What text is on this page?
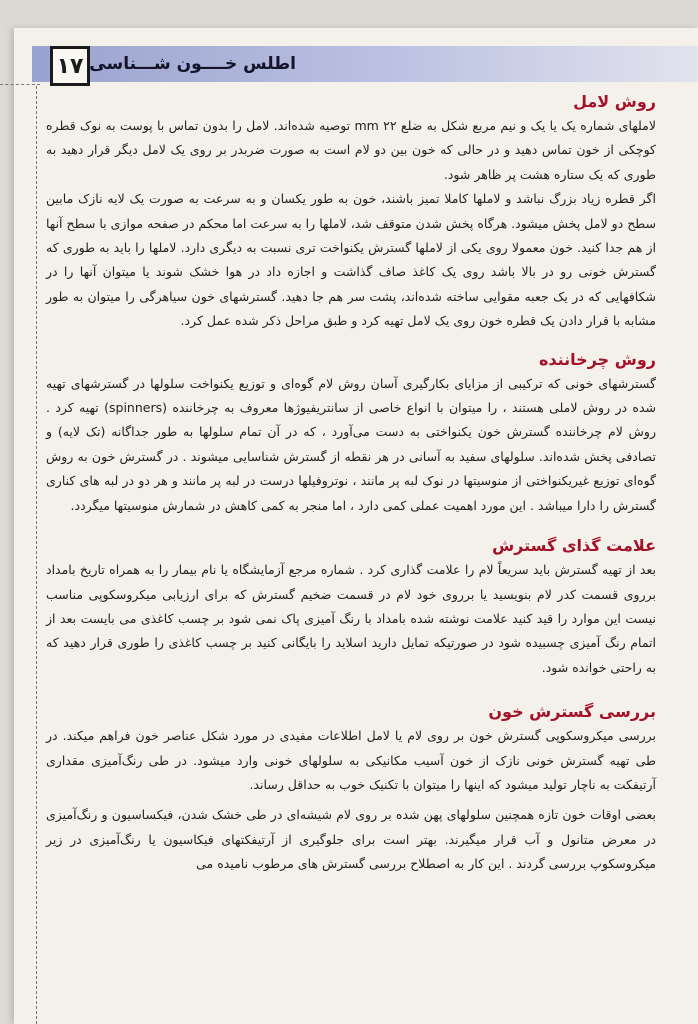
۱۷ اطلس خــــون شـــناسی
روش لامل

لاملهای شماره یک یا یک و نیم مربع شکل به ضلع ۲۲ mm توصیه شده‌اند. لامل را بدون تماس با پوست به نوک قطره کوچکی از خون تماس دهید و در حالی که خون بین دو لام است به صورت ضربدر بر روی یک لامل دیگر قرار دهید به طوری که یک ستاره هشت پر ظاهر شود.

اگر قطره زیاد بزرگ نباشد و لاملها کاملا تمیز باشند، خون به طور یکسان و به سرعت به صورت یک لایه نازک مابین سطح دو لامل پخش میشود. هرگاه پخش شدن متوقف شد، لاملها را به سرعت اما محکم در صفحه موازی با سطح آنها از هم جدا کنید. خون معمولا روی یکی از لاملها گسترش یکنواخت تری نسبت به دیگری دارد. لاملها را باید به طوری که گسترش خونی رو در بالا باشد روی یک کاغذ صاف گذاشت و اجازه داد در هوا خشک شوند یا میتوان آنها را در شکافهایی که در یک جعبه مقوایی ساخته شده‌اند، پشت سر هم جا دهید. گسترشهای خون سیاهرگی را میتوان به طور مشابه با قرار دادن یک قطره خون روی یک لامل تهیه کرد و طبق مراحل ذکر شده عمل کرد.

روش چرخاننده

گسترشهای خونی که ترکیبی از مزایای بکارگیری آسان روش لام گوه‌ای و توزیع یکنواخت سلولها در گسترشهای تهیه شده در روش لاملی هستند ، را میتوان با انواع خاصی از سانتریفیوژها معروف به چرخاننده (spinners) تهیه کرد . روش لام چرخاننده گسترش خون یکنواختی به دست می‌آورد ، که در آن تمام سلولها به طور جداگانه (تک لایه) و تصادفی پخش شده‌اند. سلولهای سفید به آسانی در هر نقطه از گسترش شناسایی میشوند . در گسترش خون به روش گوه‌ای توزیع غیریکنواختی از منوسیتها در نوک لبه پر مانند ، نوتروفیلها درست در لبه پر مانند و هر دو در لبه های کناری گسترش را دارا میباشد . این مورد اهمیت عملی کمی دارد ، اما منجر به کمی کاهش در شمارش منوسیتها میگردد.

علامت گذای گسترش

بعد از تهیه گسترش باید سریعاً لام را علامت گذاری کرد . شماره مرجع آزمایشگاه یا نام بیمار را به همراه تاریخ بامداد برروی قسمت کدر لام بنویسید یا برروی خود لام در قسمت ضخیم گسترش که برای ارزیابی میکروسکوپی مناسب نیست این موارد را قید کنید علامت نوشته شده بامداد با رنگ آمیزی پاک نمی شود بر چسب کاغذی می بایست بعد از اتمام رنگ آمیزی چسبیده شود در صورتیکه تمایل دارید اسلاید را بایگانی کنید بر چسب کاغذی را طوری قرار دهید که به راحتی خوانده شود.

بررسی گسترش خون

بررسی میکروسکوپی گسترش خون بر روی لام یا لامل اطلاعات مفیدی در مورد شکل عناصر خون فراهم میکند. در طی تهیه گسترش خونی نازک از خون آسیب مکانیکی به سلولهای خونی وارد میشود. در طی رنگ‌آمیزی مقداری آرتیفکت به ناچار تولید میشود که اینها را میتوان با تکنیک خوب به حداقل رساند.

بعضی اوقات خون تازه همچنین سلولهای پهن شده بر روی لام شیشه‌ای در طی خشک شدن، فیکساسیون و رنگ‌آمیزی در معرض متانول و آب قرار میگیرند. بهتر است برای جلوگیری از آرتیفکتهای فیکاسیون یا رنگ‌آمیزی در زیر میکروسکوپ بررسی گردند . این کار به اصطلاح بررسی گسترش های مرطوب نامیده می
